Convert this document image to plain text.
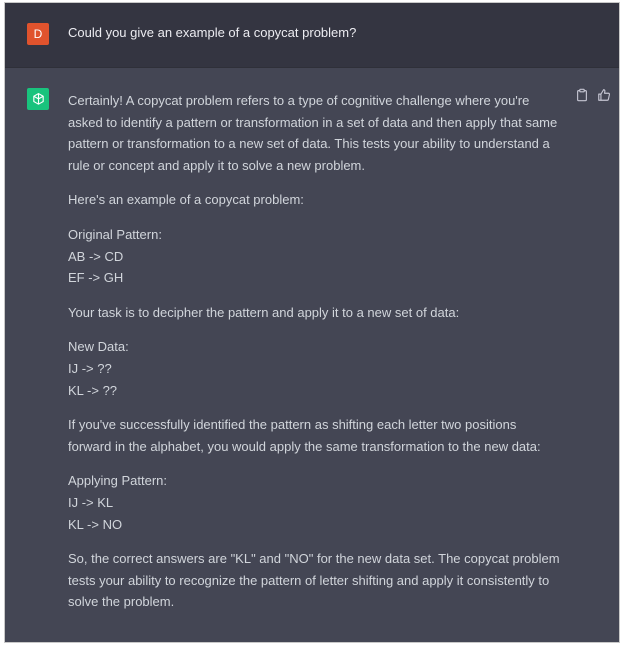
D	Could you give an example of a copycat problem?

Certainly! A copycat problem refers to a type of cognitive challenge where you're asked to identify a pattern or transformation in a set of data and then apply that same pattern or transformation to a new set of data. This tests your ability to understand a rule or concept and apply it to solve a new problem.

Here's an example of a copycat problem:

Original Pattern:
AB -> CD
EF -> GH

Your task is to decipher the pattern and apply it to a new set of data:

New Data:
IJ -> ??
KL -> ??

If you've successfully identified the pattern as shifting each letter two positions forward in the alphabet, you would apply the same transformation to the new data:

Applying Pattern:
IJ -> KL
KL -> NO

So, the correct answers are "KL" and "NO" for the new data set. The copycat problem tests your ability to recognize the pattern of letter shifting and apply it consistently to solve the problem.
